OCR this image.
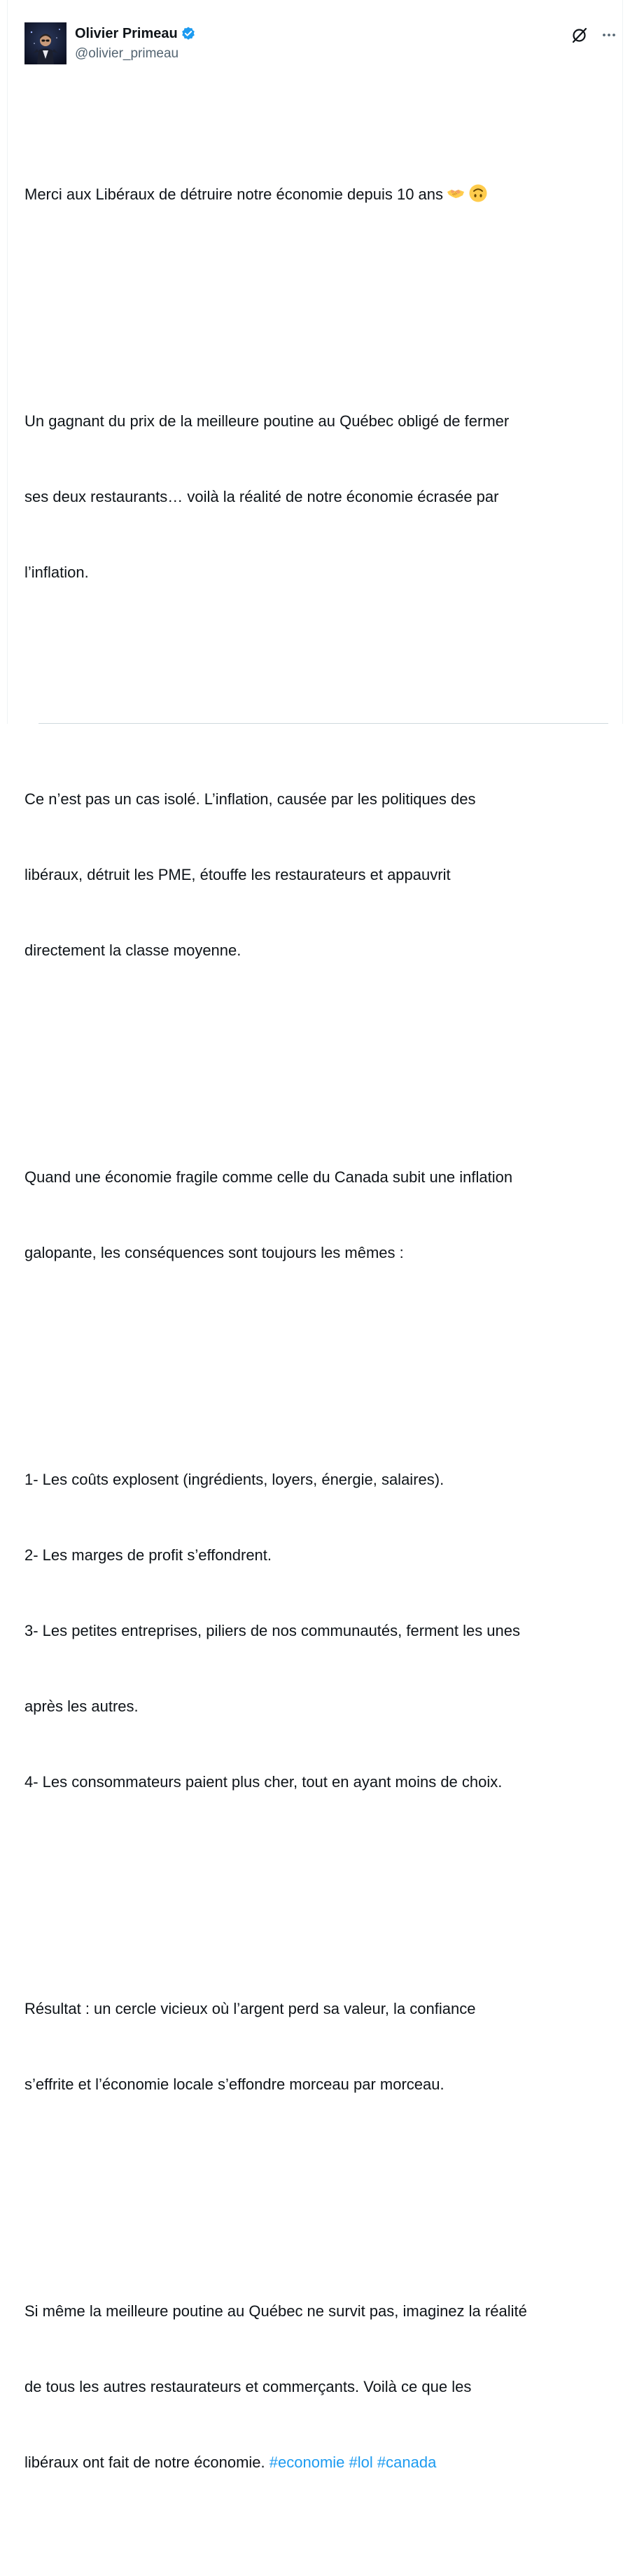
Olivier Primeau
@olivier_primeau

Merci aux Libéraux de détruire notre économie depuis 10 ans

Un gagnant du prix de la meilleure poutine au Québec obligé de fermer

ses deux restaurants… voilà la réalité de notre économie écrasée par

l’inflation.

Ce n’est pas un cas isolé. L’inflation, causée par les politiques des

libéraux, détruit les PME, étouffe les restaurateurs et appauvrit

directement la classe moyenne.

Quand une économie fragile comme celle du Canada subit une inflation

galopante, les conséquences sont toujours les mêmes :

1- Les coûts explosent (ingrédients, loyers, énergie, salaires).

2- Les marges de profit s’effondrent.

3- Les petites entreprises, piliers de nos communautés, ferment les unes

après les autres.

4- Les consommateurs paient plus cher, tout en ayant moins de choix.

Résultat : un cercle vicieux où l’argent perd sa valeur, la confiance

s’effrite et l’économie locale s’effondre morceau par morceau.

Si même la meilleure poutine au Québec ne survit pas, imaginez la réalité

de tous les autres restaurateurs et commerçants. Voilà ce que les

libéraux ont fait de notre économie. #economie #lol #canada
